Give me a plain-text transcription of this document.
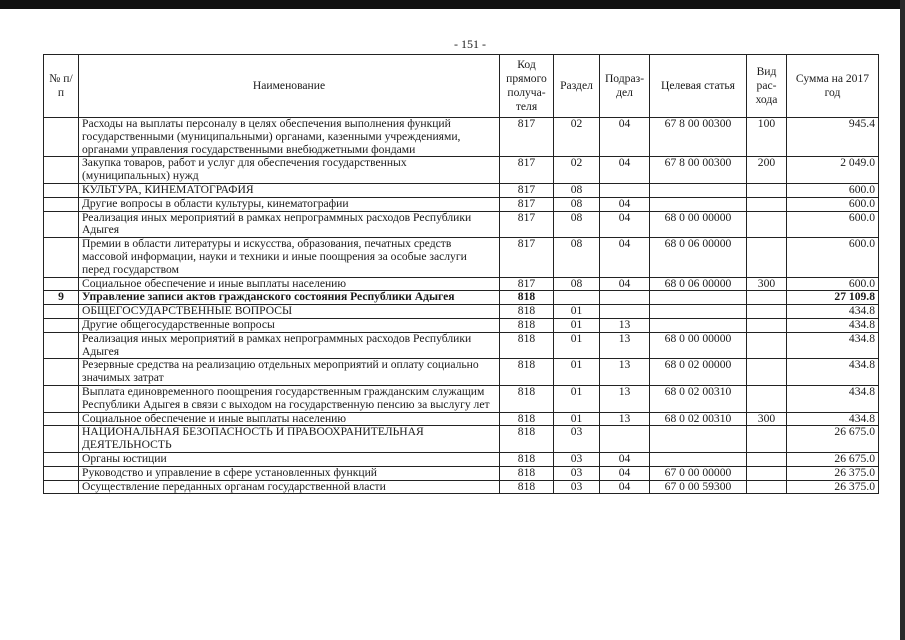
- 151 -
№ п/п	Наименование	Код прямого получа-теля	Раздел	Подраз-дел	Целевая статья	Вид рас-хода	Сумма на 2017 год
	Расходы на выплаты персоналу в целях обеспечения выполнения функций государственными (муниципальными) органами, казенными учреждениями, органами управления государственными внебюджетными фондами	817	02	04	67 8 00 00300	100	945.4
	Закупка товаров, работ и услуг для обеспечения государственных (муниципальных) нужд	817	02	04	67 8 00 00300	200	2 049.0
	КУЛЬТУРА, КИНЕМАТОГРАФИЯ	817	08				600.0
	Другие вопросы в области культуры, кинематографии	817	08	04			600.0
	Реализация иных мероприятий в рамках непрограммных расходов Республики Адыгея	817	08	04	68 0 00 00000		600.0
	Премии в области литературы и искусства, образования, печатных средств массовой информации, науки и техники и иные поощрения за особые заслуги перед государством	817	08	04	68 0 06 00000		600.0
	Социальное обеспечение и иные выплаты населению	817	08	04	68 0 06 00000	300	600.0
9	Управление записи актов гражданского состояния Республики Адыгея	818					27 109.8
	ОБЩЕГОСУДАРСТВЕННЫЕ ВОПРОСЫ	818	01				434.8
	Другие общегосударственные вопросы	818	01	13			434.8
	Реализация иных мероприятий в рамках непрограммных расходов Республики Адыгея	818	01	13	68 0 00 00000		434.8
	Резервные средства на реализацию отдельных мероприятий и оплату социально значимых затрат	818	01	13	68 0 02 00000		434.8
	Выплата единовременного поощрения государственным гражданским служащим Республики Адыгея в связи с выходом на государственную пенсию за выслугу лет	818	01	13	68 0 02 00310		434.8
	Социальное обеспечение и иные выплаты населению	818	01	13	68 0 02 00310	300	434.8
	НАЦИОНАЛЬНАЯ БЕЗОПАСНОСТЬ И ПРАВООХРАНИТЕЛЬНАЯ ДЕЯТЕЛЬНОСТЬ	818	03				26 675.0
	Органы юстиции	818	03	04			26 675.0
	Руководство и управление в сфере установленных функций	818	03	04	67 0 00 00000		26 375.0
	Осуществление переданных органам государственной власти	818	03	04	67 0 00 59300		26 375.0
